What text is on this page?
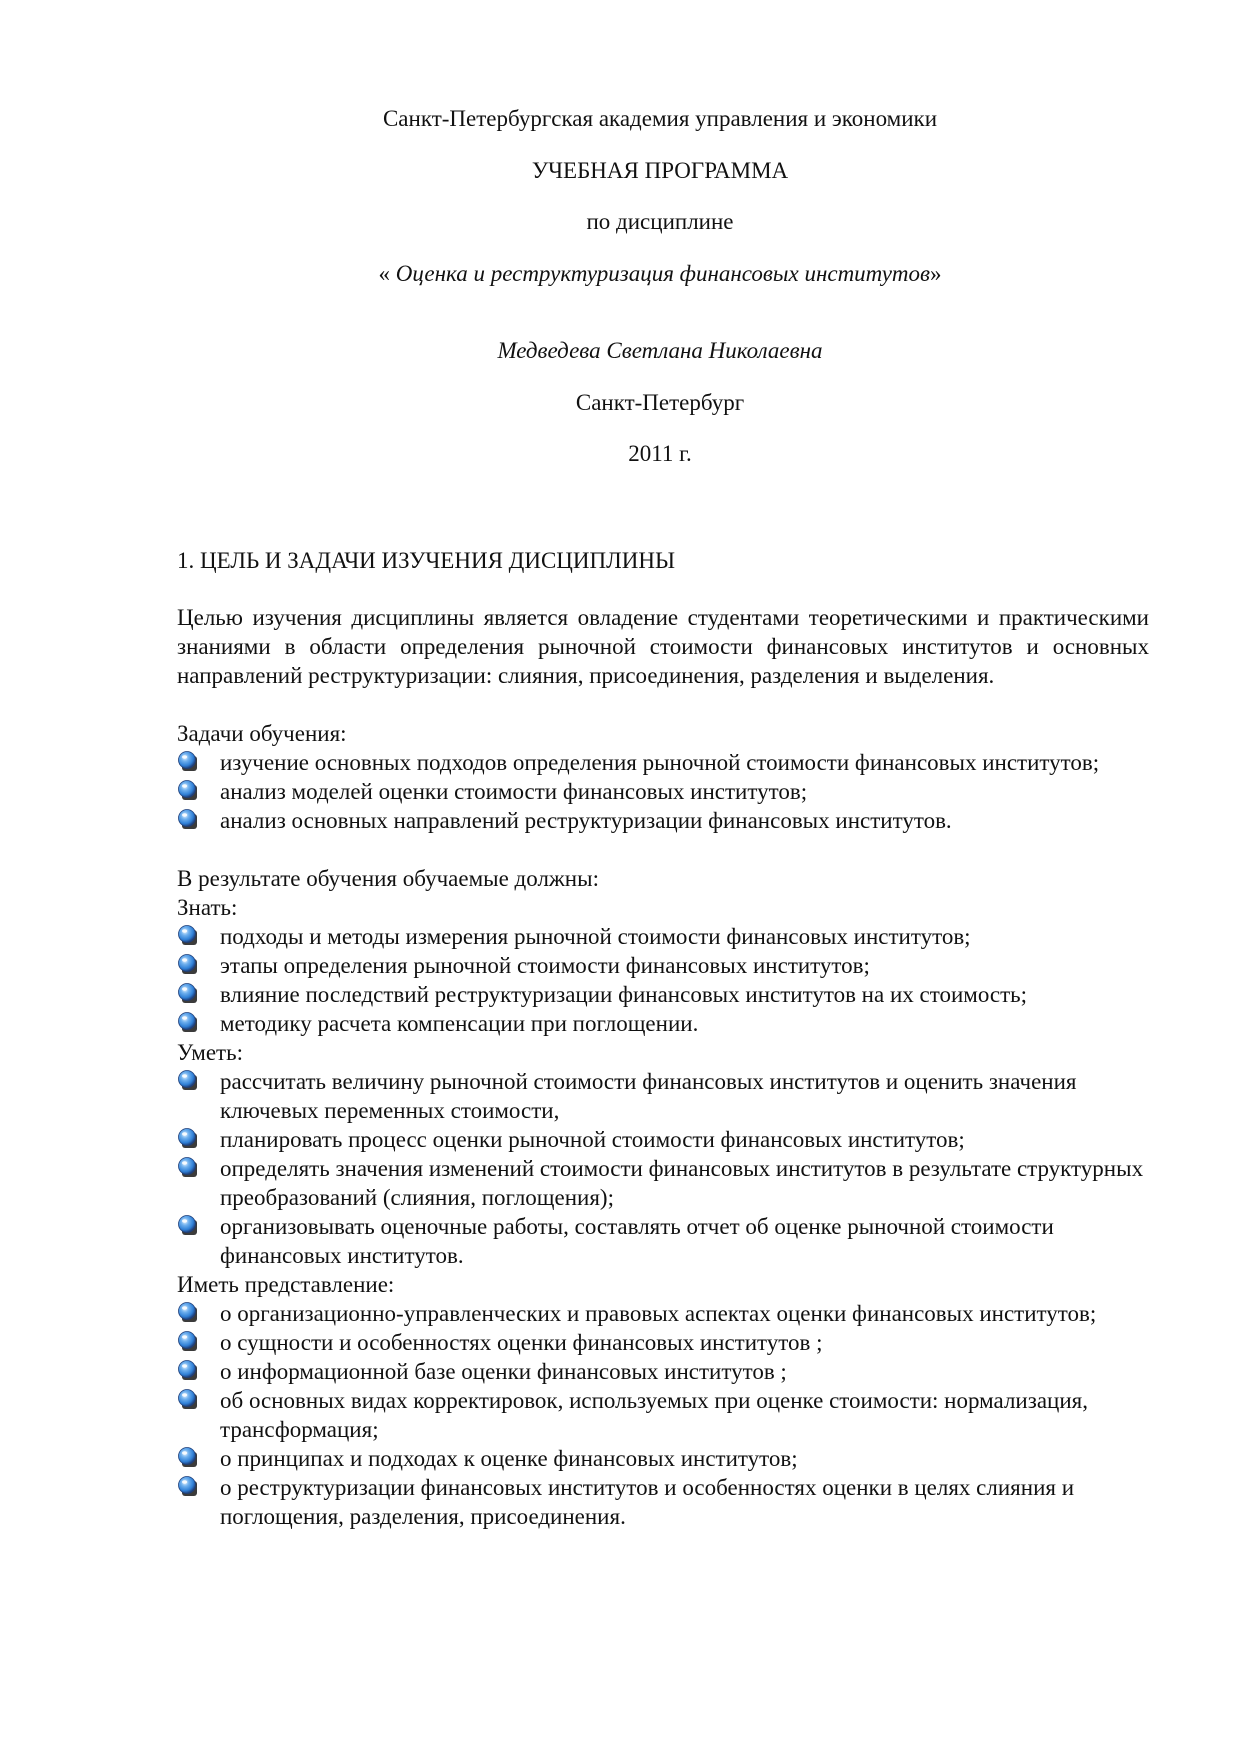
Санкт-Петербургская академия управления и экономики
УЧЕБНАЯ ПРОГРАММА
по дисциплине
« Оценка и реструктуризация финансовых институтов»
Медведева Светлана Николаевна
Санкт-Петербург
2011 г.
1. ЦЕЛЬ И ЗАДАЧИ ИЗУЧЕНИЯ ДИСЦИПЛИНЫ

Целью изучения дисциплины является овладение студентами теоретическими и практическими знаниями в области определения рыночной стоимости финансовых институтов и основных направлений реструктуризации: слияния, присоединения, разделения и выделения.

Задачи обучения:
изучение основных подходов определения рыночной стоимости финансовых институтов;
анализ моделей оценки стоимости финансовых институтов;
анализ основных направлений реструктуризации финансовых институтов.
В результате обучения обучаемые должны:
Знать:
подходы и методы измерения рыночной стоимости финансовых институтов;
этапы определения рыночной стоимости финансовых институтов;
влияние последствий реструктуризации финансовых институтов на их стоимость;
методику расчета компенсации при поглощении.
Уметь:
рассчитать величину рыночной стоимости финансовых институтов и оценить значения ключевых переменных стоимости,
планировать процесс оценки рыночной стоимости финансовых институтов;
определять значения изменений стоимости финансовых институтов в результате структурных преобразований (слияния, поглощения);
организовывать оценочные работы, составлять отчет об оценке рыночной стоимости финансовых институтов.
Иметь представление:
о организационно-управленческих и правовых аспектах оценки финансовых институтов;
о сущности и особенностях оценки финансовых институтов ;
о информационной базе оценки финансовых институтов ;
об основных видах корректировок, используемых при оценке стоимости: нормализация, трансформация;
о принципах и подходах к оценке финансовых институтов;
о реструктуризации финансовых институтов и особенностях оценки в целях слияния и поглощения, разделения, присоединения.
